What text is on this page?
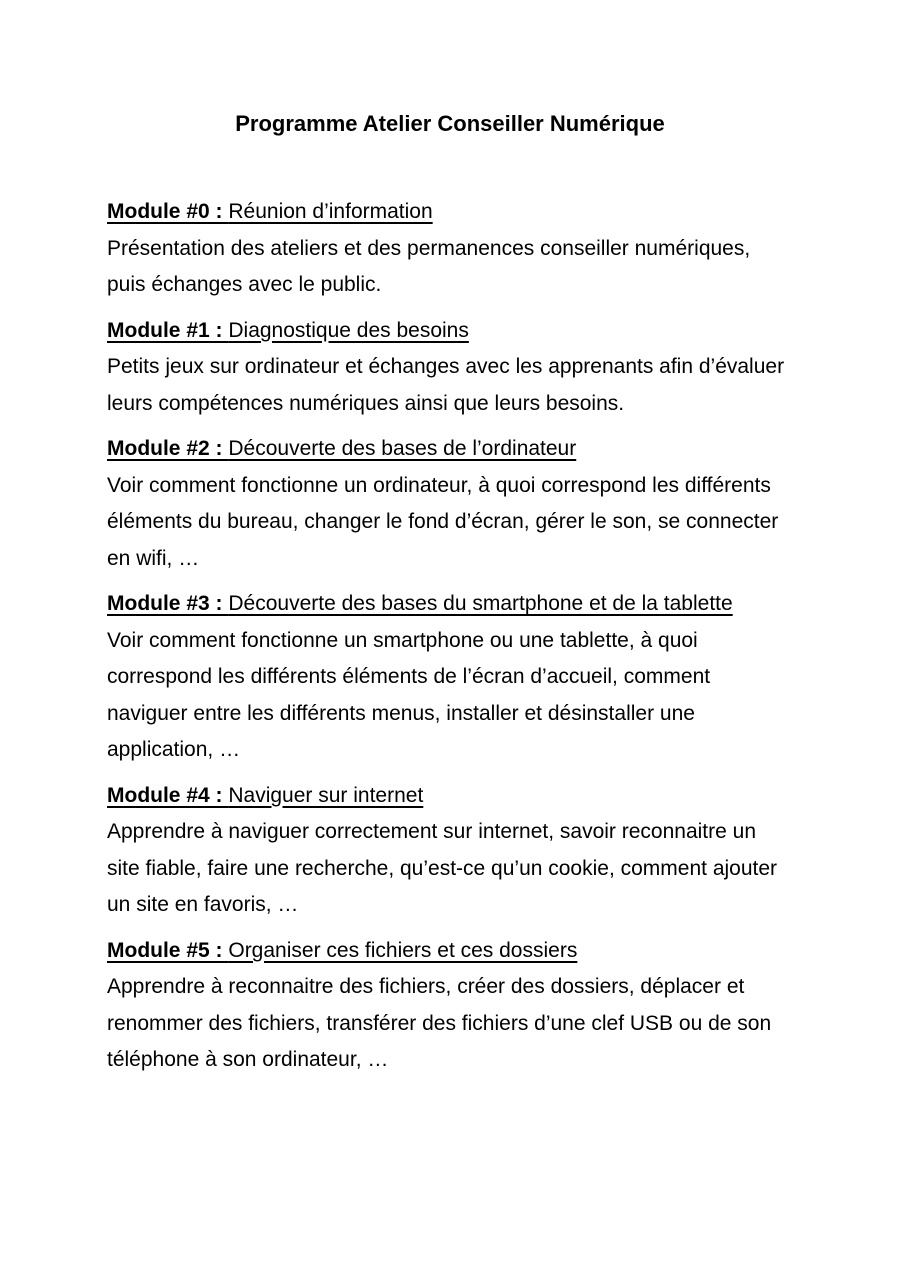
Programme Atelier Conseiller Numérique

Module #0 : Réunion d’information

Présentation des ateliers et des permanences conseiller numériques, puis échanges avec le public.

Module #1 : Diagnostique des besoins

Petits jeux sur ordinateur et échanges avec les apprenants afin d’évaluer leurs compétences numériques ainsi que leurs besoins.

Module #2 : Découverte des bases de l’ordinateur

Voir comment fonctionne un ordinateur, à quoi correspond les différents éléments du bureau, changer le fond d’écran, gérer le son, se connecter en wifi, …

Module #3 : Découverte des bases du smartphone et de la tablette

Voir comment fonctionne un smartphone ou une tablette, à quoi correspond les différents éléments de l’écran d’accueil, comment naviguer entre les différents menus, installer et désinstaller une application, …

Module #4 : Naviguer sur internet

Apprendre à naviguer correctement sur internet, savoir reconnaitre un site fiable, faire une recherche, qu’est-ce qu’un cookie, comment ajouter un site en favoris, …

Module #5 : Organiser ces fichiers et ces dossiers

Apprendre à reconnaitre des fichiers, créer des dossiers, déplacer et renommer des fichiers, transférer des fichiers d’une clef USB ou de son téléphone à son ordinateur, …
